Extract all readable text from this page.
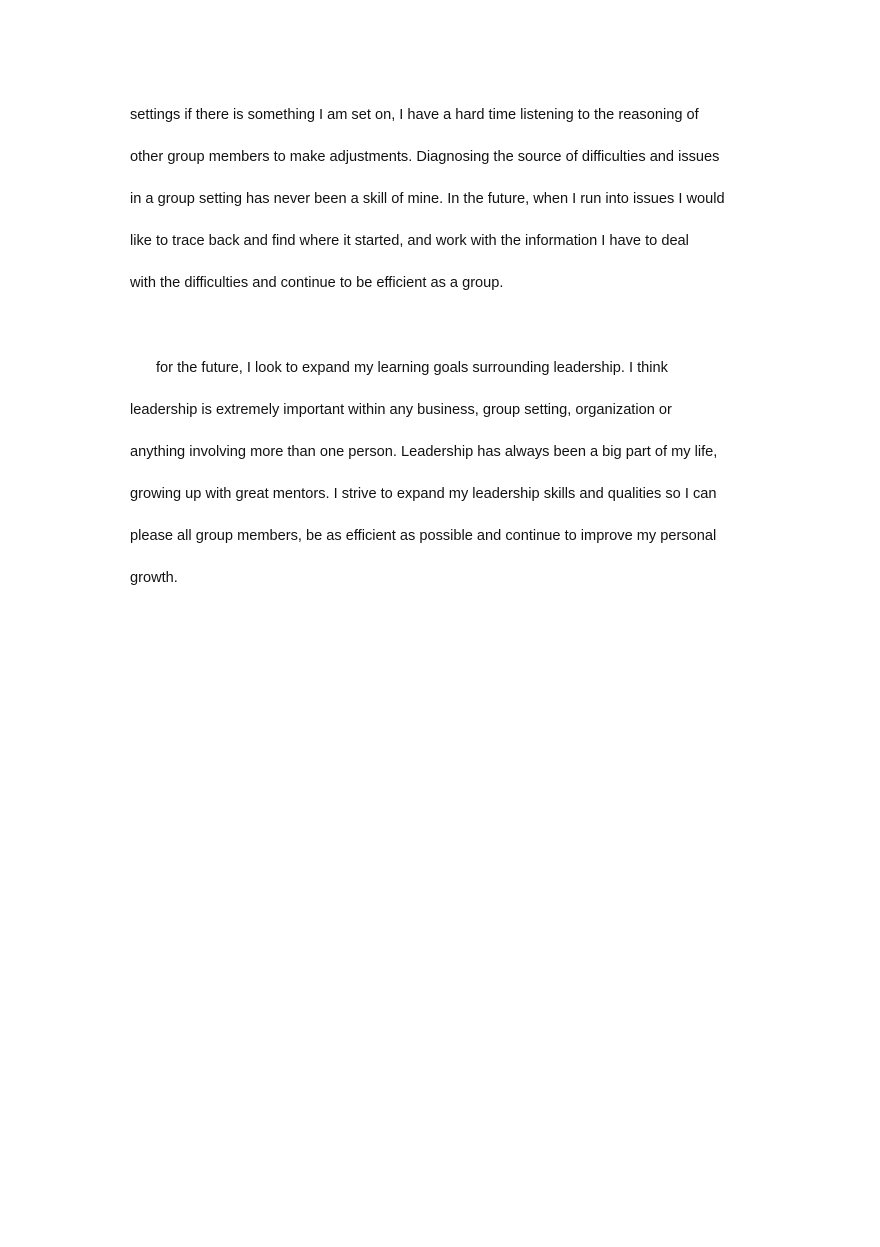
settings if there is something I am set on, I have a hard time listening to the reasoning of

other group members to make adjustments. Diagnosing the source of difficulties and issues

in a group setting has never been a skill of mine. In the future, when I run into issues I would

like to trace back and find where it started, and work with the information I have to deal

with the difficulties and continue to be efficient as a group.

for the future, I look to expand my learning goals surrounding leadership. I think

leadership is extremely important within any business, group setting, organization or

anything involving more than one person. Leadership has always been a big part of my life,

growing up with great mentors. I strive to expand my leadership skills and qualities so I can

please all group members, be as efficient as possible and continue to improve my personal

growth.
